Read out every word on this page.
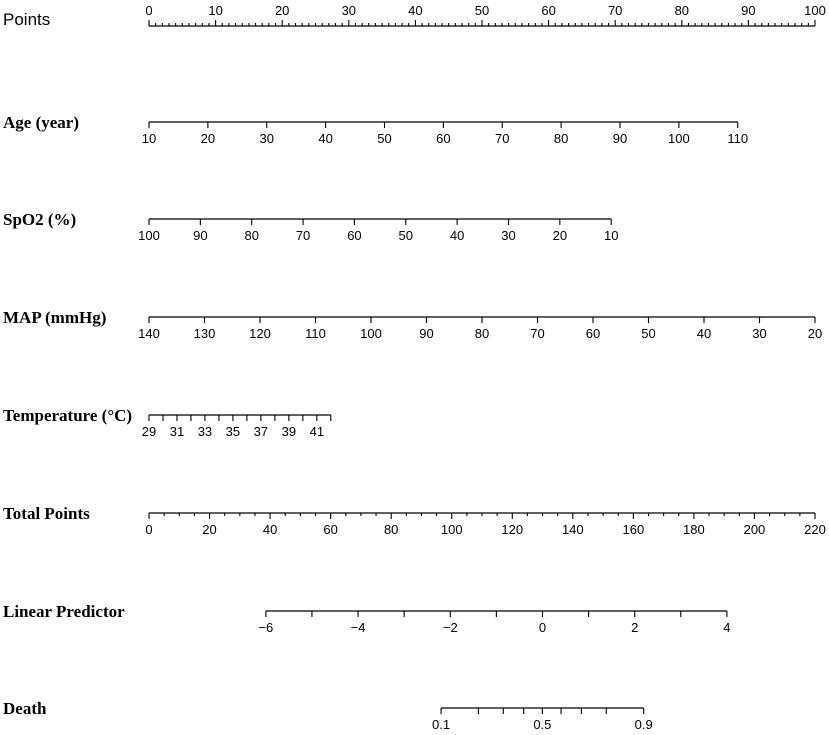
Points	0	10	20	30	40	50	60	70	80	90	100
Age (year)
10	20	30	40	50	60	70	80	90	100	110
SpO2 (%)
100	90	80	70	60	50	40	30	20	10
MAP (mmHg)
140	130	120	110	100	90	80	70	60	50	40	30	20
Temperature (°C)
29 31 33 35 37 39 41
Total Points
0	20	40	60	80	100	120	140	160	180	200	220
Linear Predictor
−6	−4	−2	0	2	4
Death
0.1	0.5	0.9
